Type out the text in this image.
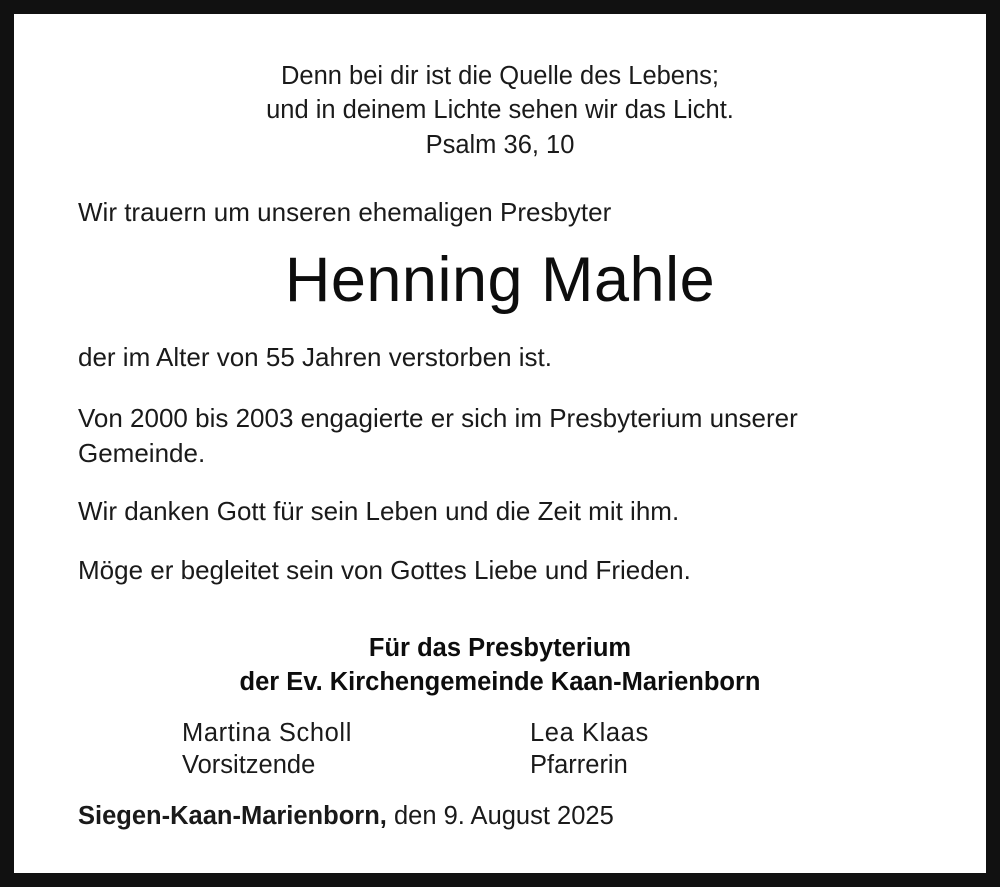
Denn bei dir ist die Quelle des Lebens;
und in deinem Lichte sehen wir das Licht.
Psalm 36, 10
Wir trauern um unseren ehemaligen Presbyter
Henning Mahle
der im Alter von 55 Jahren verstorben ist.
Von 2000 bis 2003 engagierte er sich im Presbyterium unserer Gemeinde.
Wir danken Gott für sein Leben und die Zeit mit ihm.
Möge er begleitet sein von Gottes Liebe und Frieden.
Für das Presbyterium
der Ev. Kirchengemeinde Kaan-Marienborn
Martina Scholl
Vorsitzende
Lea Klaas
Pfarrerin
Siegen-Kaan-Marienborn, den 9. August 2025
